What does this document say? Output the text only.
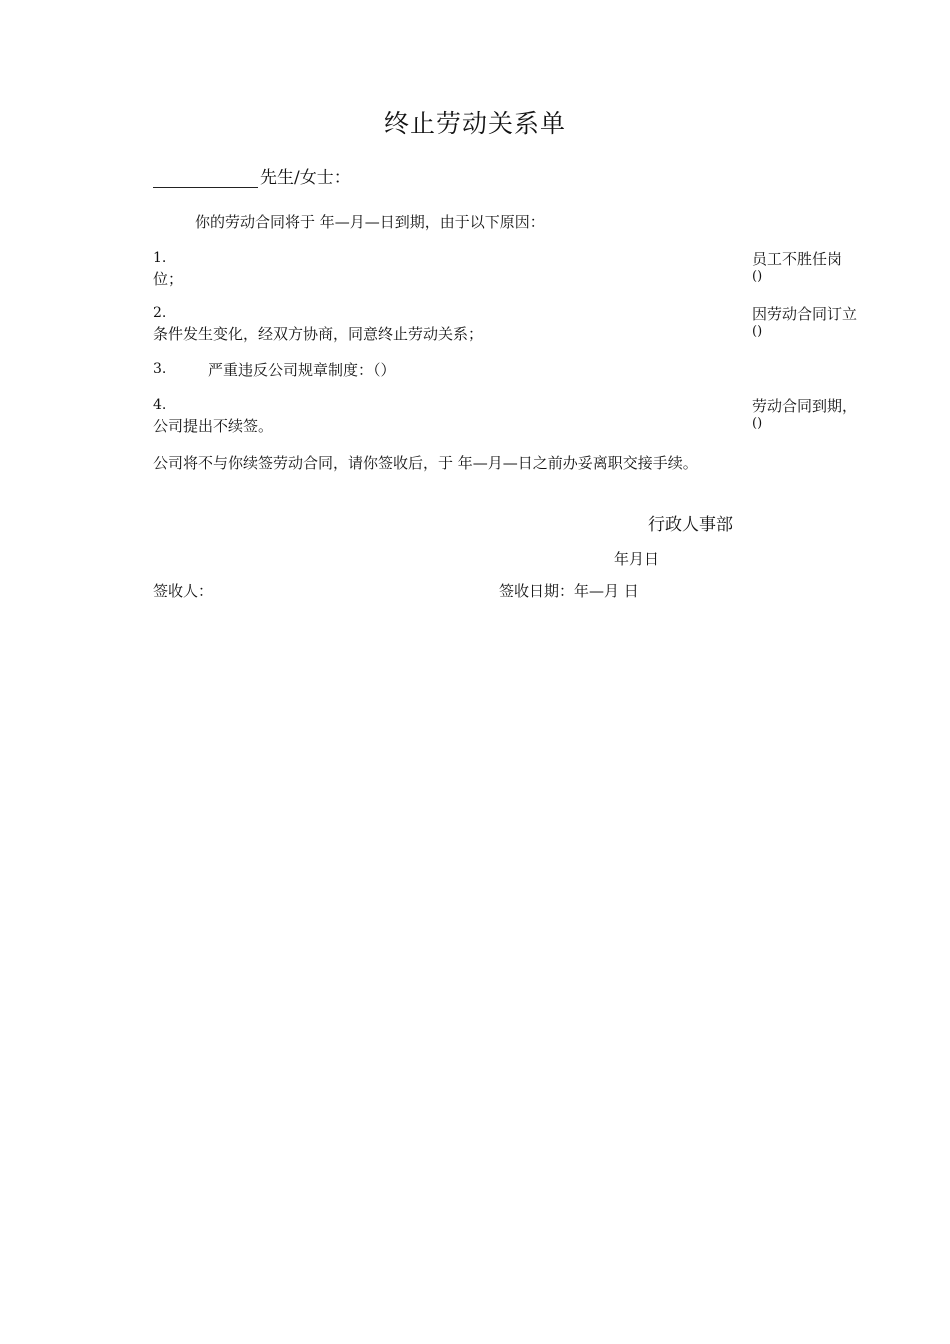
终止劳动关系单
先生/女士：
你的劳动合同将于 年—月—日到期，由于以下原因：
1.	员工不胜任岗
位；	()
2.	因劳动合同订立
条件发生变化，经双方协商，同意终止劳动关系；	()
3.	严重违反公司规章制度：（）
4.	劳动合同到期，
公司提出不续签。	()
公司将不与你续签劳动合同，请你签收后，于 年—月—日之前办妥离职交接手续。
行政人事部
年月日
签收人：	签收日期：年—月 日
